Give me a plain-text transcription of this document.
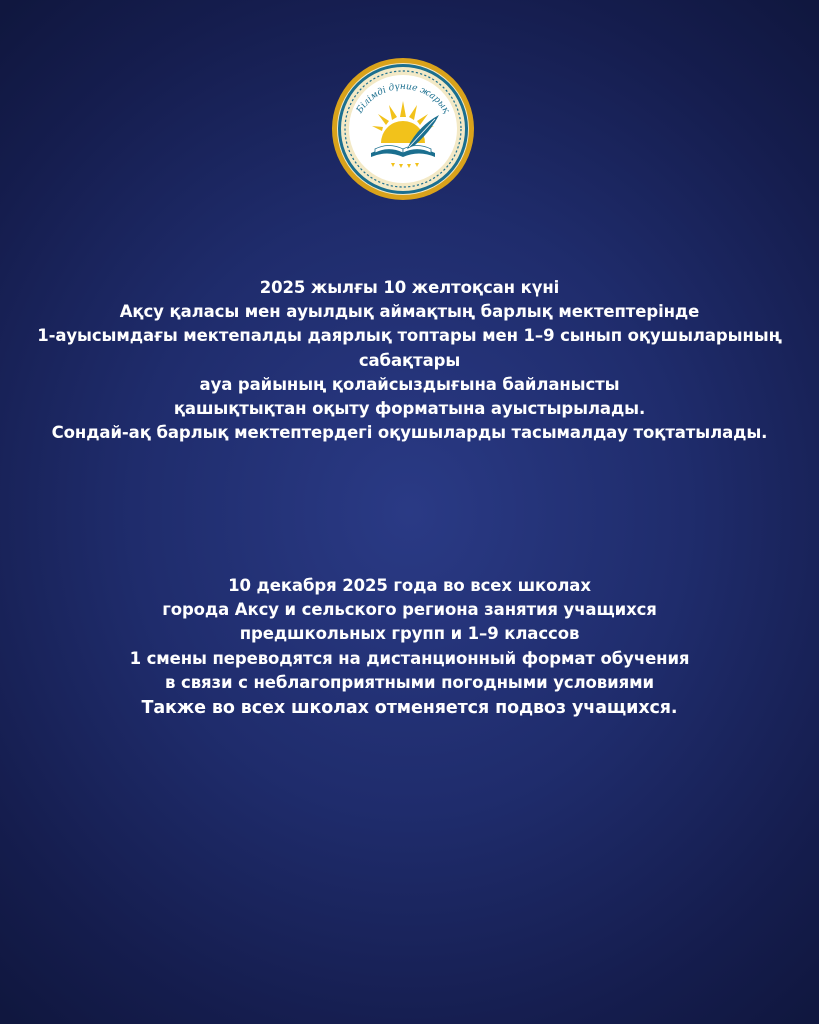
Білімді дүние жарық
2025 жылғы 10 желтоқсан күні
Ақсу қаласы мен ауылдық аймақтың барлық мектептерінде
1-ауысымдағы мектепалды даярлық топтары мен 1–9 сынып оқушыларының
сабақтары
ауа райының қолайсыздығына байланысты
қашықтықтан оқыту форматына ауыстырылады.
Сондай-ақ барлық мектептердегі оқушыларды тасымалдау тоқтатылады.
10 декабря 2025 года во всех школах
города Аксу и сельского региона занятия учащихся
предшкольных групп и 1–9 классов
1 смены переводятся на дистанционный формат обучения
в связи с неблагоприятными погодными условиями
Также во всех школах отменяется подвоз учащихся.
